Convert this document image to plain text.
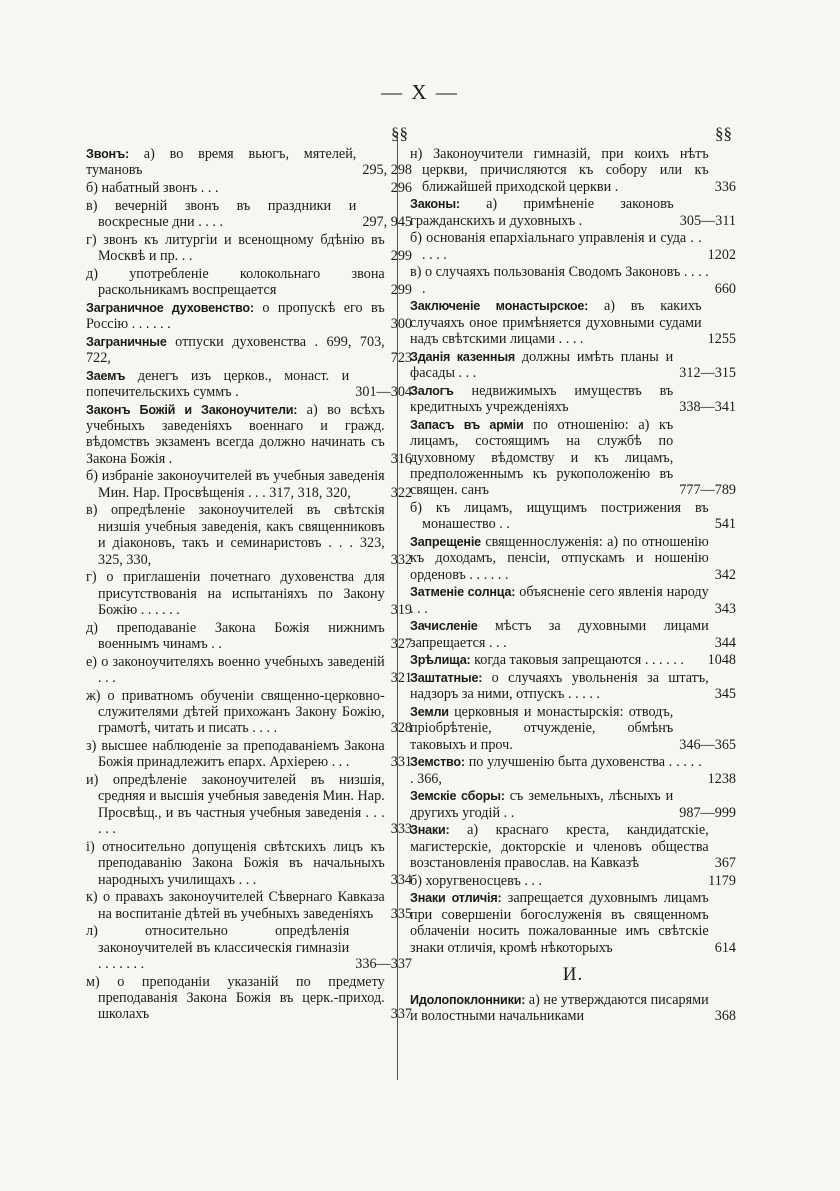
— X —
§§
Звонъ: а) во время вьюгъ, мятелей, тумановъ	295, 298
б) набатный звонъ . . .	296
в) вечерній звонъ въ праздники и воскресные дни . . . .	297, 945
г) звонъ къ литургіи и всенощному бдѣнію въ Москвѣ и пр. . .	299
д) употребленіе колокольнаго звона раскольникамъ воспрещается	299
Заграничное духовенство: о пропускѣ его въ Россію . . . . . .	300
Заграничные отпуски духовенства . 699, 703, 722,	723
Заемъ денегъ изъ церков., монаст. и попечительскихъ суммъ .	301—304
Законъ Божій и Законоучители: а) во всѣхъ учебныхъ заведеніяхъ военнаго и гражд. вѣдомствъ экзаменъ всегда должно начинать съ Закона Божія .	316
б) избраніе законоучителей въ учебныя заведенія Мин. Нар. Просвѣщенія . . . 317, 318, 320,	322
в) опредѣленіе законоучителей въ свѣтскія низшія учебныя заведенія, какъ священниковъ и діаконовъ, такъ и семинаристовъ . . . 323, 325, 330,	332
г) о приглашеніи почетнаго духовенства для присутствованія на испытаніяхъ по Закону Божію . . . . . .	319
д) преподаваніе Закона Божія нижнимъ военнымъ чинамъ . .	327
е) о законоучителяхъ военно учебныхъ заведеній . . .	321
ж) о приватномъ обученіи священно-церковно-служителями дѣтей прихожанъ Закону Божію, грамотѣ, читать и писать . . . .	328
з) высшее наблюденіе за преподаваніемъ Закона Божія принадлежитъ епарх. Архіерею . . .	331
и) опредѣленіе законоучителей въ низшія, средняя и высшія учебныя заведенія Мин. Нар. Просвѣщ., и въ частныя учебныя заведенія . . . . . .	333
і) относительно допущенія свѣтскихъ лицъ къ преподаванію Закона Божія въ начальныхъ народныхъ училищахъ . . .	334
к) о правахъ законоучителей Сѣвернаго Кавказа на воспитаніе дѣтей въ учебныхъ заведеніяхъ	335
л) относительно опредѣленія законоучителей въ классическія гимназіи . . . . . . .	336—337
м) о преподаніи указаній по предмету преподаванія Закона Божія въ церк.-приход. школахъ	337
§§
н) Законоучители гимназій, при коихъ нѣтъ церкви, причисляются къ собору или къ ближайшей приходской церкви .	336
Законы: а) примѣненіе законовъ гражданскихъ и духовныхъ .	305—311
б) основанія епархіальнаго управленія и суда . . . . . .	1202
в) о случаяхъ пользованія Сводомъ Законовъ . . . . .	660
Заключеніе монастырское: а) въ какихъ случаяхъ оное примѣняется духовными судами надъ свѣтскими лицами . . . .	1255
Зданія казенныя должны имѣть планы и фасады . . .	312—315
Залогъ недвижимыхъ имуществъ въ кредитныхъ учрежденіяхъ	338—341
Запасъ въ арміи по отношенію: а) къ лицамъ, состоящимъ на службѣ по духовному вѣдомству и къ лицамъ, предположеннымъ къ рукоположенію въ священ. санъ	777—789
б) къ лицамъ, ищущимъ пострижения въ монашество . .	541
Запрещеніе священнослуженія: а) по отношенію къ доходамъ, пенсіи, отпускамъ и ношенію орденовъ . . . . . .	342
Затменіе солнца: объясненіе сего явленія народу . . .	343
Зачисленіе мѣстъ за духовными лицами запрещается . . .	344
Зрѣлища: когда таковыя запрещаются . . . . . .	1048
Заштатные: о случаяхъ увольненія за штатъ, надзоръ за ними, отпускъ . . . . .	345
Земли церковныя и монастырскія: отводъ, пріобрѣтеніе, отчужденіе, обмѣнъ таковыхъ и проч.	346—365
Земство: по улучшенію быта духовенства . . . . . . 366,	1238
Земскіе сборы: съ земельныхъ, лѣсныхъ и другихъ угодій . .	987—999
Знаки: а) краснаго креста, кандидатскіе, магистерскіе, докторскіе и членовъ общества возстановленія православ. на Кавказѣ	367
б) хоругвеносцевъ . . .	1179
Знаки отличія: запрещается духовнымъ лицамъ при совершеніи богослуженія въ священномъ облаченіи носить пожалованные имъ свѣтскіе знаки отличія, кромѣ нѣкоторыхъ	614
И.
Идолопоклонники: а) не утверждаются писарями и волостными начальниками	368
